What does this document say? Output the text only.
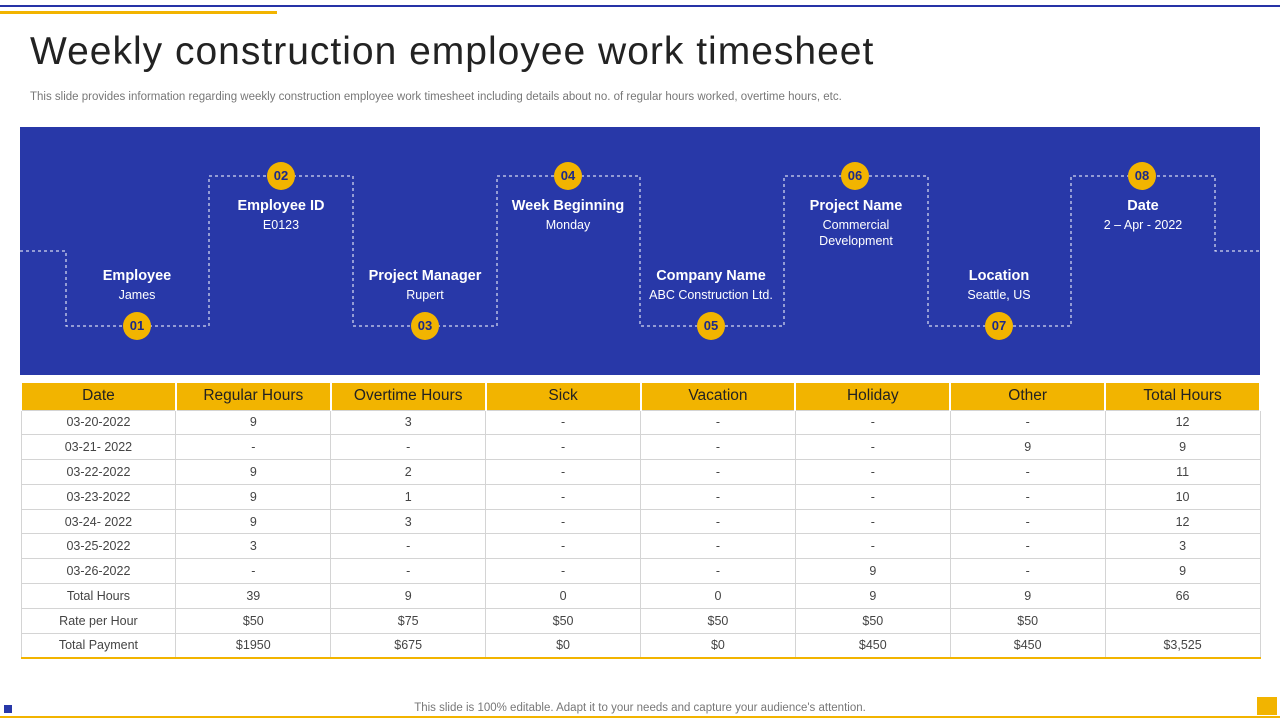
Weekly construction employee work timesheet

This slide provides information regarding weekly construction employee work timesheet including details about no. of regular hours worked, overtime hours, etc.

Employee
James
01
Employee ID
E0123
02
Project Manager
Rupert
03
Week Beginning
Monday
04
Company Name
ABC Construction Ltd.
05
Project Name
Commercial Development
06
Location
Seattle, US
07
Date
2 – Apr - 2022
08
Date	Regular Hours	Overtime Hours	Sick	Vacation	Holiday	Other	Total Hours
03-20-2022	9	3	-	-	-	-	12
03-21- 2022	-	-	-	-	-	9	9
03-22-2022	9	2	-	-	-	-	11
03-23-2022	9	1	-	-	-	-	10
03-24- 2022	9	3	-	-	-	-	12
03-25-2022	3	-	-	-	-	-	3
03-26-2022	-	-	-	-	9	-	9
Total Hours	39	9	0	0	9	9	66
Rate per Hour	$50	$75	$50	$50	$50	$50	
Total Payment	$1950	$675	$0	$0	$450	$450	$3,525
This slide is 100% editable. Adapt it to your needs and capture your audience's attention.
